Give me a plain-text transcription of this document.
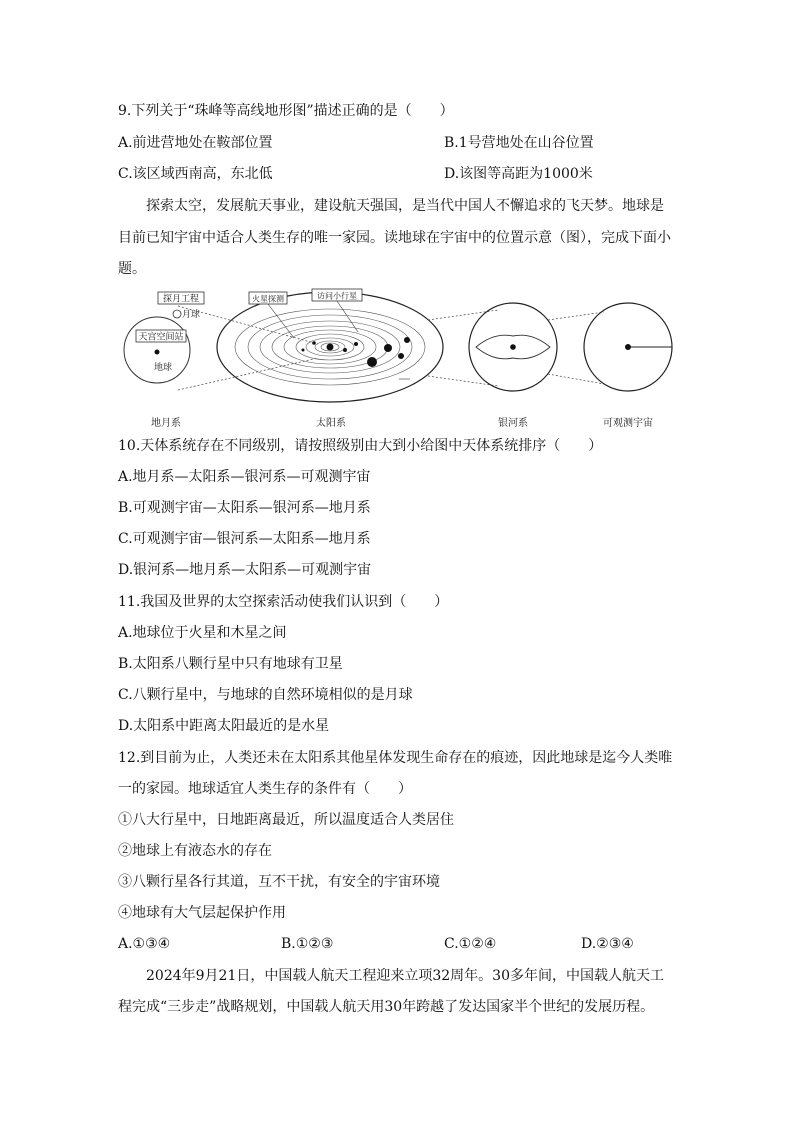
9.下列关于“珠峰等高线地形图”描述正确的是（　　）
A.前进营地处在鞍部位置	B.1号营地处在山谷位置
C.该区域西南高，东北低	D.该图等高距为1000米
探索太空，发展航天事业，建设航天强国，是当代中国人不懈追求的飞天梦。地球是
目前已知宇宙中适合人类生存的唯一家园。读地球在宇宙中的位置示意（图），完成下面小
题。
探月工程
月球
天宫空间站
地球
火星探测	访问小行星
地月系	太阳系	银河系	可观测宇宙
10.天体系统存在不同级别，请按照级别由大到小给图中天体系统排序（　　）
A.地月系—太阳系—银河系—可观测宇宙
B.可观测宇宙—太阳系—银河系—地月系
C.可观测宇宙—银河系—太阳系—地月系
D.银河系—地月系—太阳系—可观测宇宙
11.我国及世界的太空探索活动使我们认识到（　　）
A.地球位于火星和木星之间
B.太阳系八颗行星中只有地球有卫星
C.八颗行星中，与地球的自然环境相似的是月球
D.太阳系中距离太阳最近的是水星
12.到目前为止，人类还未在太阳系其他星体发现生命存在的痕迹，因此地球是迄今人类唯
一的家园。地球适宜人类生存的条件有（　　）
①八大行星中，日地距离最近，所以温度适合人类居住
②地球上有液态水的存在
③八颗行星各行其道，互不干扰，有安全的宇宙环境
④地球有大气层起保护作用
A.①③④	B.①②③	C.①②④	D.②③④
2024年9月21日，中国载人航天工程迎来立项32周年。30多年间，中国载人航天工
程完成“三步走”战略规划，中国载人航天用30年跨越了发达国家半个世纪的发展历程。
